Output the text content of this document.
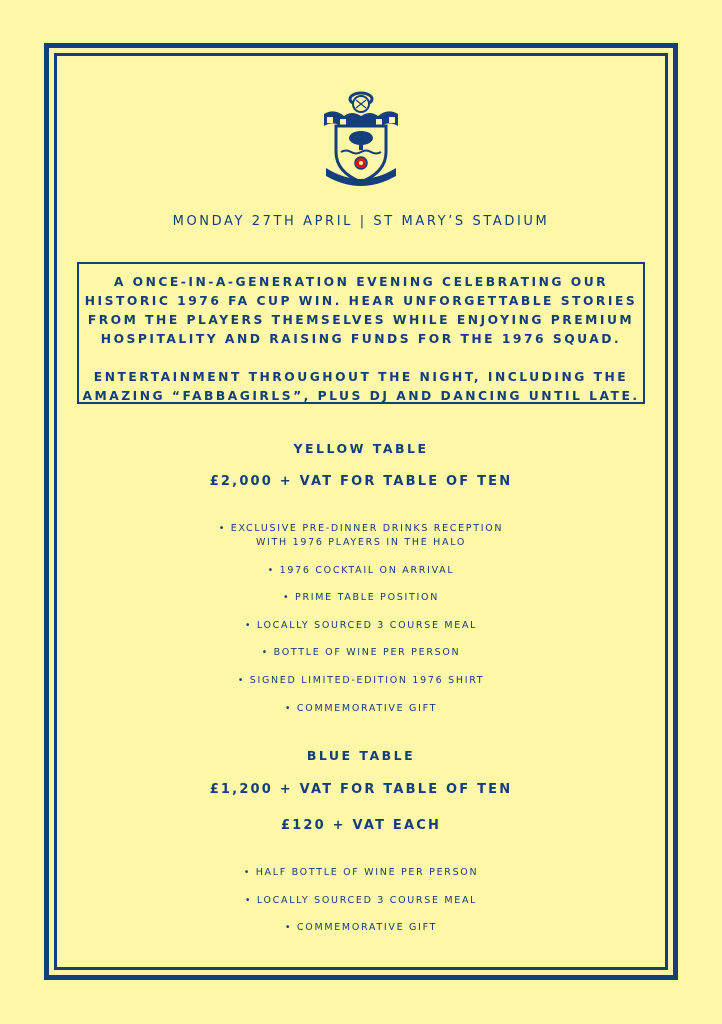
MONDAY 27TH APRIL | ST MARY’S STADIUM

A ONCE-IN-A-GENERATION EVENING CELEBRATING OUR HISTORIC 1976 FA CUP WIN. HEAR UNFORGETTABLE STORIES FROM THE PLAYERS THEMSELVES WHILE ENJOYING PREMIUM HOSPITALITY AND RAISING FUNDS FOR THE 1976 SQUAD.

ENTERTAINMENT THROUGHOUT THE NIGHT, INCLUDING THE AMAZING “FABBAGIRLS”, PLUS DJ AND DANCING UNTIL LATE.

YELLOW TABLE
£2,000 + VAT FOR TABLE OF TEN
• EXCLUSIVE PRE-DINNER DRINKS RECEPTION
WITH 1976 PLAYERS IN THE HALO
• 1976 COCKTAIL ON ARRIVAL
• PRIME TABLE POSITION
• LOCALLY SOURCED 3 COURSE MEAL
• BOTTLE OF WINE PER PERSON
• SIGNED LIMITED-EDITION 1976 SHIRT
• COMMEMORATIVE GIFT
BLUE TABLE
£1,200 + VAT FOR TABLE OF TEN
£120 + VAT EACH
• HALF BOTTLE OF WINE PER PERSON
• LOCALLY SOURCED 3 COURSE MEAL
• COMMEMORATIVE GIFT
